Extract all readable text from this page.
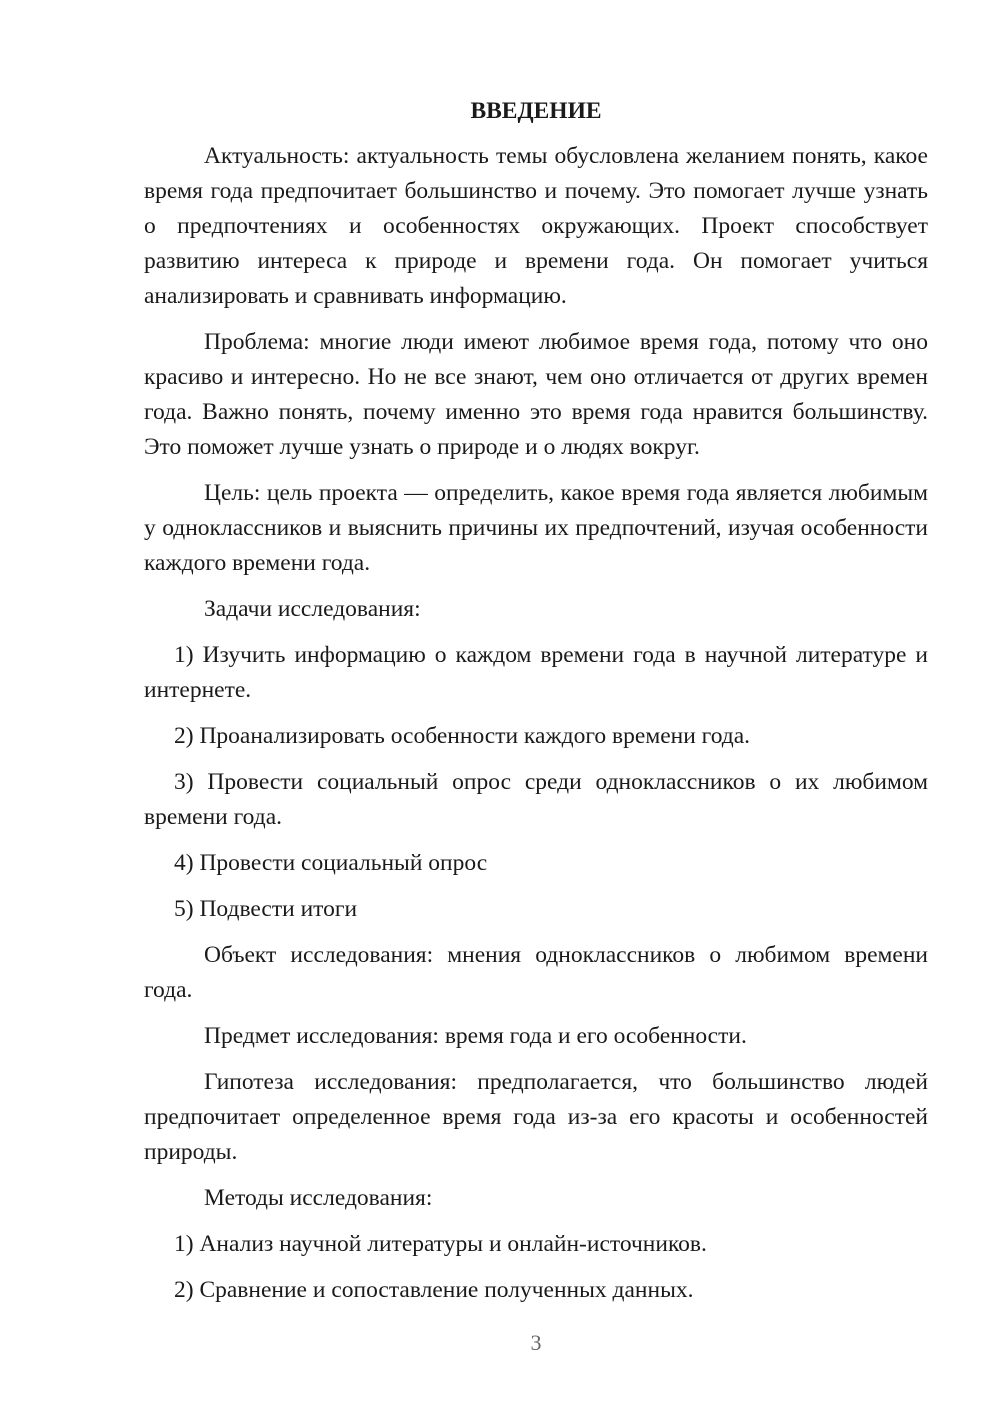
ВВЕДЕНИЕ

Актуальность: актуальность темы обусловлена желанием понять, какое время года предпочитает большинство и почему. Это помогает лучше узнать о предпочтениях и особенностях окружающих. Проект способствует развитию интереса к природе и времени года. Он помогает учиться анализировать и сравнивать информацию.

Проблема: многие люди имеют любимое время года, потому что оно красиво и интересно. Но не все знают, чем оно отличается от других времен года. Важно понять, почему именно это время года нравится большинству. Это поможет лучше узнать о природе и о людях вокруг.

Цель: цель проекта — определить, какое время года является любимым у одноклассников и выяснить причины их предпочтений, изучая особенности каждого времени года.

Задачи исследования:

1) Изучить информацию о каждом времени года в научной литературе и интернете.

2) Проанализировать особенности каждого времени года.

3) Провести социальный опрос среди одноклассников о их любимом времени года.

4) Провести социальный опрос

5) Подвести итоги

Объект исследования: мнения одноклассников о любимом времени года.

Предмет исследования: время года и его особенности.

Гипотеза исследования: предполагается, что большинство людей предпочитает определенное время года из-за его красоты и особенностей природы.

Методы исследования:

1) Анализ научной литературы и онлайн-источников.

2) Сравнение и сопоставление полученных данных.

3
